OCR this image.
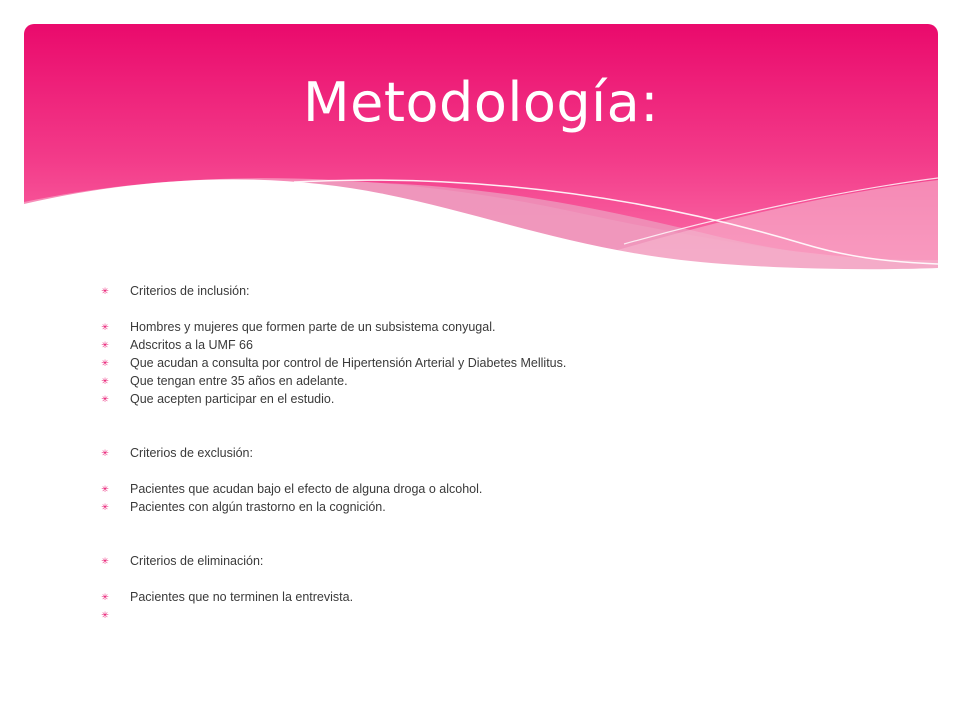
Metodología:
✳ Criterios de inclusión:
✳ Hombres y mujeres que formen parte de un subsistema conyugal.
✳ Adscritos a la UMF 66
✳ Que acudan a consulta por control de Hipertensión Arterial y Diabetes Mellitus.
✳ Que tengan entre 35 años en adelante.
✳ Que acepten participar en el estudio.
✳ Criterios de exclusión:
✳ Pacientes que acudan bajo el efecto de alguna droga o alcohol.
✳ Pacientes con algún trastorno en la cognición.
✳ Criterios de eliminación:
✳ Pacientes que no terminen la entrevista.
✳
